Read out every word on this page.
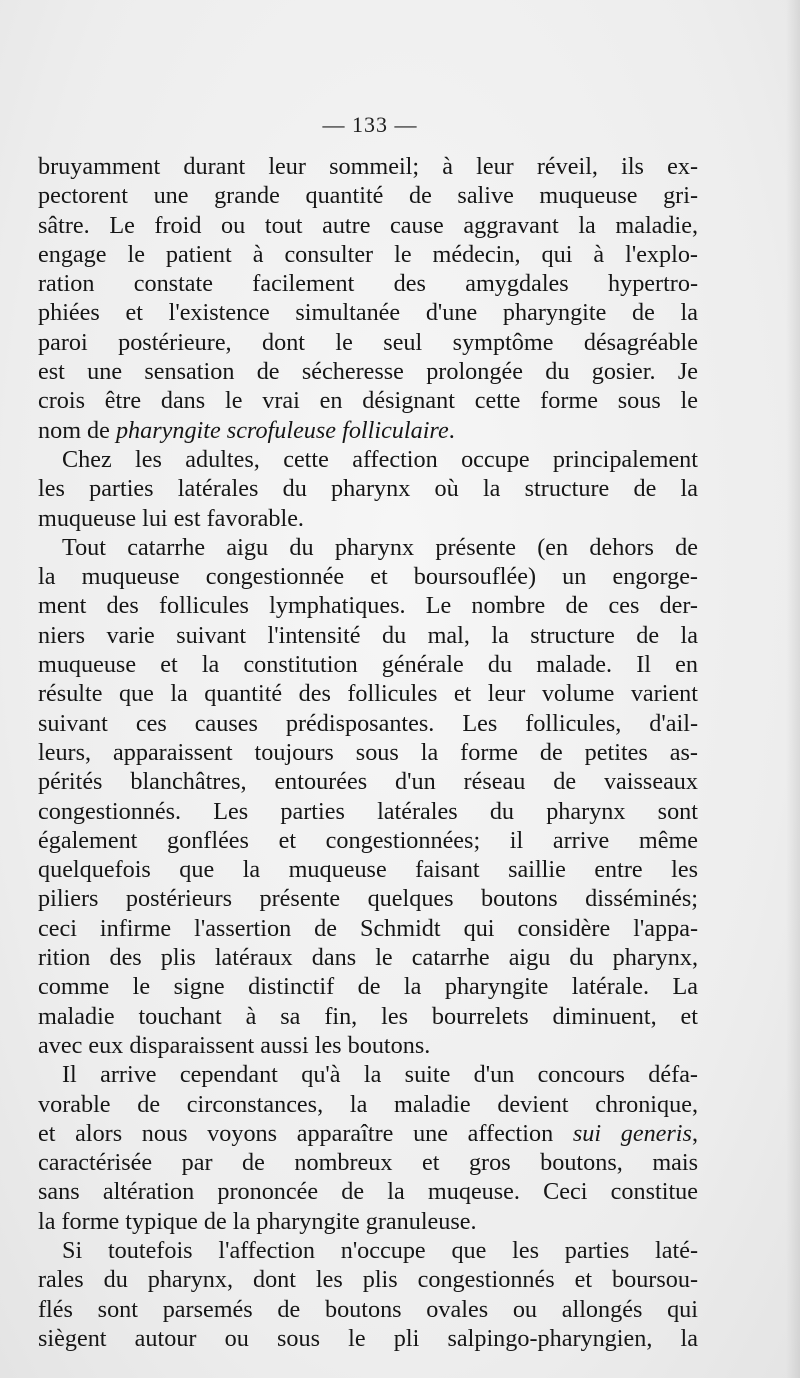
— 133 —
bruyamment durant leur sommeil; à leur réveil, ils ex-
pectorent une grande quantité de salive muqueuse gri-
sâtre. Le froid ou tout autre cause aggravant la maladie,
engage le patient à consulter le médecin, qui à l'explo-
ration constate facilement des amygdales hypertro-
phiées et l'existence simultanée d'une pharyngite de la
paroi postérieure, dont le seul symptôme désagréable
est une sensation de sécheresse prolongée du gosier. Je
crois être dans le vrai en désignant cette forme sous le
nom de pharyngite scrofuleuse folliculaire.
Chez les adultes, cette affection occupe principalement
les parties latérales du pharynx où la structure de la
muqueuse lui est favorable.
Tout catarrhe aigu du pharynx présente (en dehors de
la muqueuse congestionnée et boursouflée) un engorge-
ment des follicules lymphatiques. Le nombre de ces der-
niers varie suivant l'intensité du mal, la structure de la
muqueuse et la constitution générale du malade. Il en
résulte que la quantité des follicules et leur volume varient
suivant ces causes prédisposantes. Les follicules, d'ail-
leurs, apparaissent toujours sous la forme de petites as-
pérités blanchâtres, entourées d'un réseau de vaisseaux
congestionnés. Les parties latérales du pharynx sont
également gonflées et congestionnées; il arrive même
quelquefois que la muqueuse faisant saillie entre les
piliers postérieurs présente quelques boutons disséminés;
ceci infirme l'assertion de Schmidt qui considère l'appa-
rition des plis latéraux dans le catarrhe aigu du pharynx,
comme le signe distinctif de la pharyngite latérale. La
maladie touchant à sa fin, les bourrelets diminuent, et
avec eux disparaissent aussi les boutons.
Il arrive cependant qu'à la suite d'un concours défa-
vorable de circonstances, la maladie devient chronique,
et alors nous voyons apparaître une affection sui generis,
caractérisée par de nombreux et gros boutons, mais
sans altération prononcée de la muqeuse. Ceci constitue
la forme typique de la pharyngite granuleuse.
Si toutefois l'affection n'occupe que les parties laté-
rales du pharynx, dont les plis congestionnés et boursou-
flés sont parsemés de boutons ovales ou allongés qui
siègent autour ou sous le pli salpingo-pharyngien, la
